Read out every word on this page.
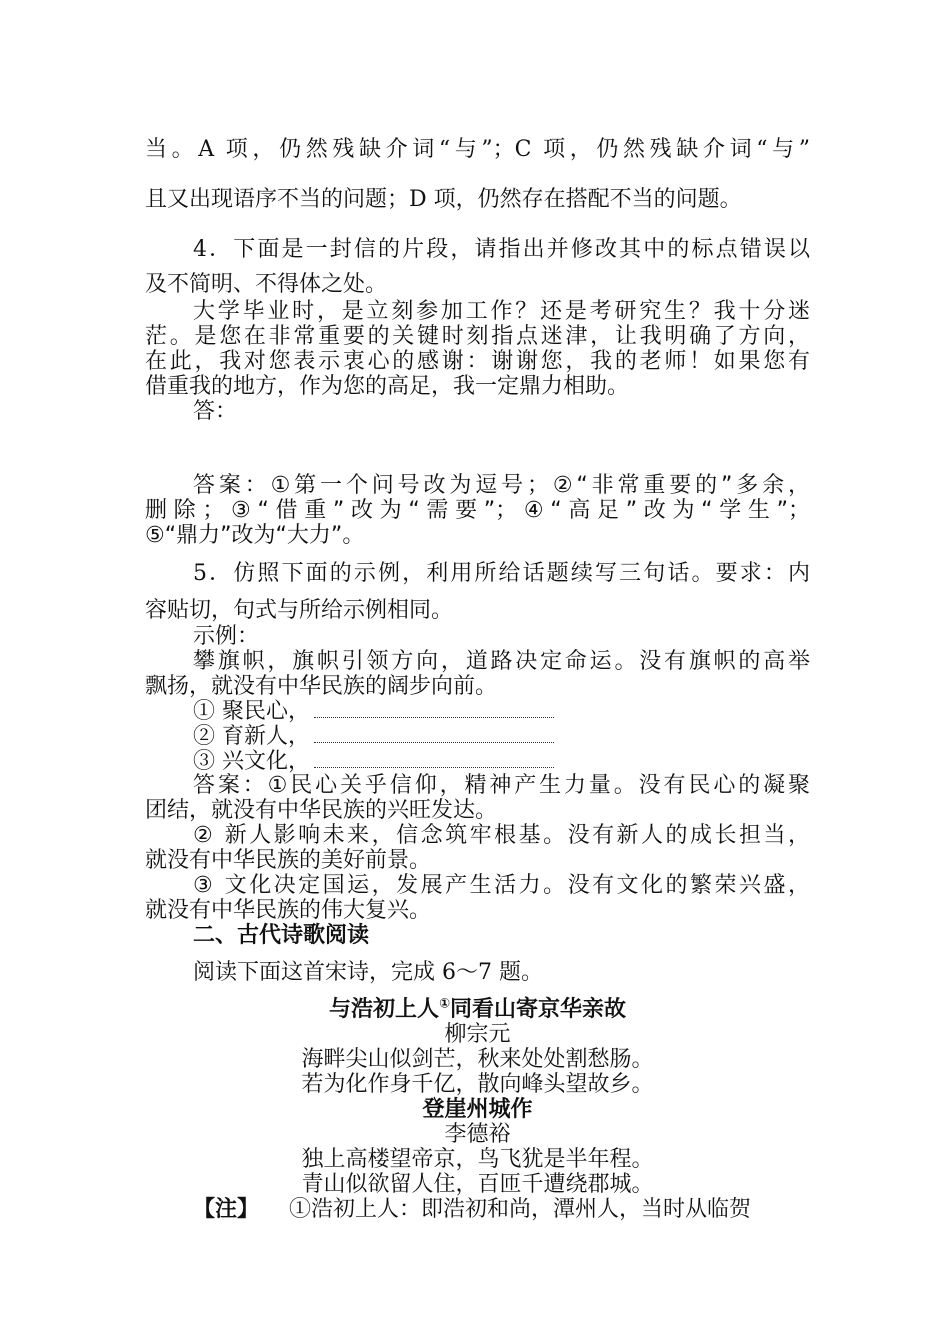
当。A 项，仍然残缺介词“与”；C 项，仍然残缺介词“与”
且又出现语序不当的问题；D 项，仍然存在搭配不当的问题。
4．下面是一封信的片段，请指出并修改其中的标点错误以
及不简明、不得体之处。
大学毕业时，是立刻参加工作？还是考研究生？我十分迷
茫。是您在非常重要的关键时刻指点迷津，让我明确了方向，
在此，我对您表示衷心的感谢：谢谢您，我的老师！如果您有
借重我的地方，作为您的高足，我一定鼎力相助。
答：
答案：①第一个问号改为逗号；②“非常重要的”多余，
删除；③“借重”改为“需要”；④“高足”改为“学生”；
⑤“鼎力”改为“大力”。
5．仿照下面的示例，利用所给话题续写三句话。要求：内
容贴切，句式与所给示例相同。
示例：
攀旗帜，旗帜引领方向，道路决定命运。没有旗帜的高举
飘扬，就没有中华民族的阔步向前。
① 聚民心，
② 育新人，
③ 兴文化，
答案：①民心关乎信仰，精神产生力量。没有民心的凝聚
团结，就没有中华民族的兴旺发达。
② 新人影响未来，信念筑牢根基。没有新人的成长担当，
就没有中华民族的美好前景。
③ 文化决定国运，发展产生活力。没有文化的繁荣兴盛，
就没有中华民族的伟大复兴。
二、古代诗歌阅读
阅读下面这首宋诗，完成 6～7 题。
与浩初上人①同看山寄京华亲故
柳宗元
海畔尖山似剑芒，秋来处处割愁肠。
若为化作身千亿，散向峰头望故乡。
登崖州城作
李德裕
独上高楼望帝京，鸟飞犹是半年程。
青山似欲留人住，百匝千遭绕郡城。
【注】 ①浩初上人：即浩初和尚，潭州人，当时从临贺
